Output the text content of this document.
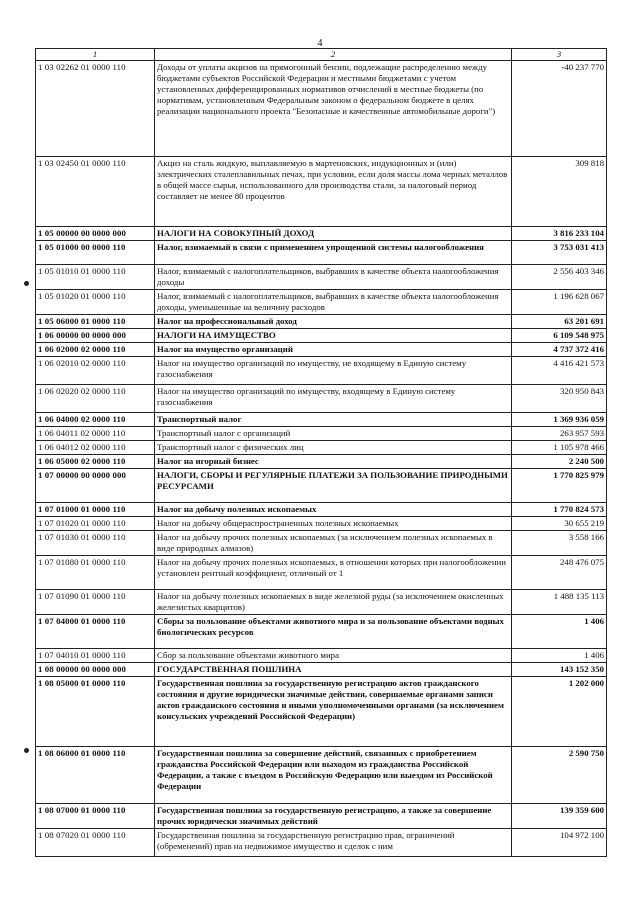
4
1	2	3
1 03 02262 01 0000 110	Доходы от уплаты акцизов на прямогонный бензин, подлежащие распределению между бюджетами субъектов Российской Федерации и местными бюджетами с учетом установленных дифференцированных нормативов отчислений в местные бюджеты (по нормативам, установленным Федеральным законом о федеральном бюджете в целях реализации национального проекта "Безопасные и качественные автомобильные дороги")	-40 237 770
1 03 02450 01 0000 110	Акциз на сталь жидкую, выплавляемую в мартеновских, индукционных и (или) электрических сталеплавильных печах, при условии, если доля массы лома черных металлов в общей массе сырья, использованного для производства стали, за налоговый период составляет не менее 80 процентов	309 818
1 05 00000 00 0000 000	НАЛОГИ НА СОВОКУПНЫЙ ДОХОД	3 816 233 104
1 05 01000 00 0000 110	Налог, взимаемый в связи с применением упрощенной системы налогообложения	3 753 031 413
1 05 01010 01 0000 110	Налог, взимаемый с налогоплательщиков, выбравших в качестве объекта налогообложения доходы	2 556 403 346
1 05 01020 01 0000 110	Налог, взимаемый с налогоплательщиков, выбравших в качестве объекта налогообложения доходы, уменьшенные на величину расходов	1 196 628 067
1 05 06000 01 0000 110	Налог на профессиональный доход	63 201 691
1 06 00000 00 0000 000	НАЛОГИ НА ИМУЩЕСТВО	6 109 548 975
1 06 02000 02 0000 110	Налог на имущество организаций	4 737 372 416
1 06 02010 02 0000 110	Налог на имущество организаций по имуществу, не входящему в Единую систему газоснабжения	4 416 421 573
1 06 02020 02 0000 110	Налог на имущество организаций по имуществу, входящему в Единую систему газоснабжения	320 950 843
1 06 04000 02 0000 110	Транспортный налог	1 369 936 059
1 06 04011 02 0000 110	Транспортный налог с организаций	263 957 593
1 06 04012 02 0000 110	Транспортный налог с физических лиц	1 105 978 466
1 06 05000 02 0000 110	Налог на игорный бизнес	2 240 500
1 07 00000 00 0000 000	НАЛОГИ, СБОРЫ И РЕГУЛЯРНЫЕ ПЛАТЕЖИ ЗА ПОЛЬЗОВАНИЕ ПРИРОДНЫМИ РЕСУРСАМИ	1 770 825 979
1 07 01000 01 0000 110	Налог на добычу полезных ископаемых	1 770 824 573
1 07 01020 01 0000 110	Налог на добычу общераспространенных полезных ископаемых	30 655 219
1 07 01030 01 0000 110	Налог на добычу прочих полезных ископаемых (за исключением полезных ископаемых в виде природных алмазов)	3 558 166
1 07 01080 01 0000 110	Налог на добычу прочих полезных ископаемых, в отношении которых при налогообложении установлен рентный коэффициент, отличный от 1	248 476 075
1 07 01090 01 0000 110	Налог на добычу полезных ископаемых в виде железной руды (за исключением окисленных железистых кварцитов)	1 488 135 113
1 07 04000 01 0000 110	Сборы за пользование объектами животного мира и за пользование объектами водных биологических ресурсов	1 406
1 07 04010 01 0000 110	Сбор за пользование объектами животного мира	1 406
1 08 00000 00 0000 000	ГОСУДАРСТВЕННАЯ ПОШЛИНА	143 152 350
1 08 05000 01 0000 110	Государственная пошлина за государственную регистрацию актов гражданского состояния и другие юридически значимые действия, совершаемые органами записи актов гражданского состояния и иными уполномоченными органами (за исключением консульских учреждений Российской Федерации)	1 202 000
1 08 06000 01 0000 110	Государственная пошлина за совершение действий, связанных с приобретением гражданства Российской Федерации или выходом из гражданства Российской Федерации, а также с въездом в Российскую Федерацию или выездом из Российской Федерации	2 590 750
1 08 07000 01 0000 110	Государственная пошлина за государственную регистрацию, а также за совершение прочих юридически значимых действий	139 359 600
1 08 07020 01 0000 110	Государственная пошлина за государственную регистрацию прав, ограничений (обременений) прав на недвижимое имущество и сделок с ним	104 972 100
